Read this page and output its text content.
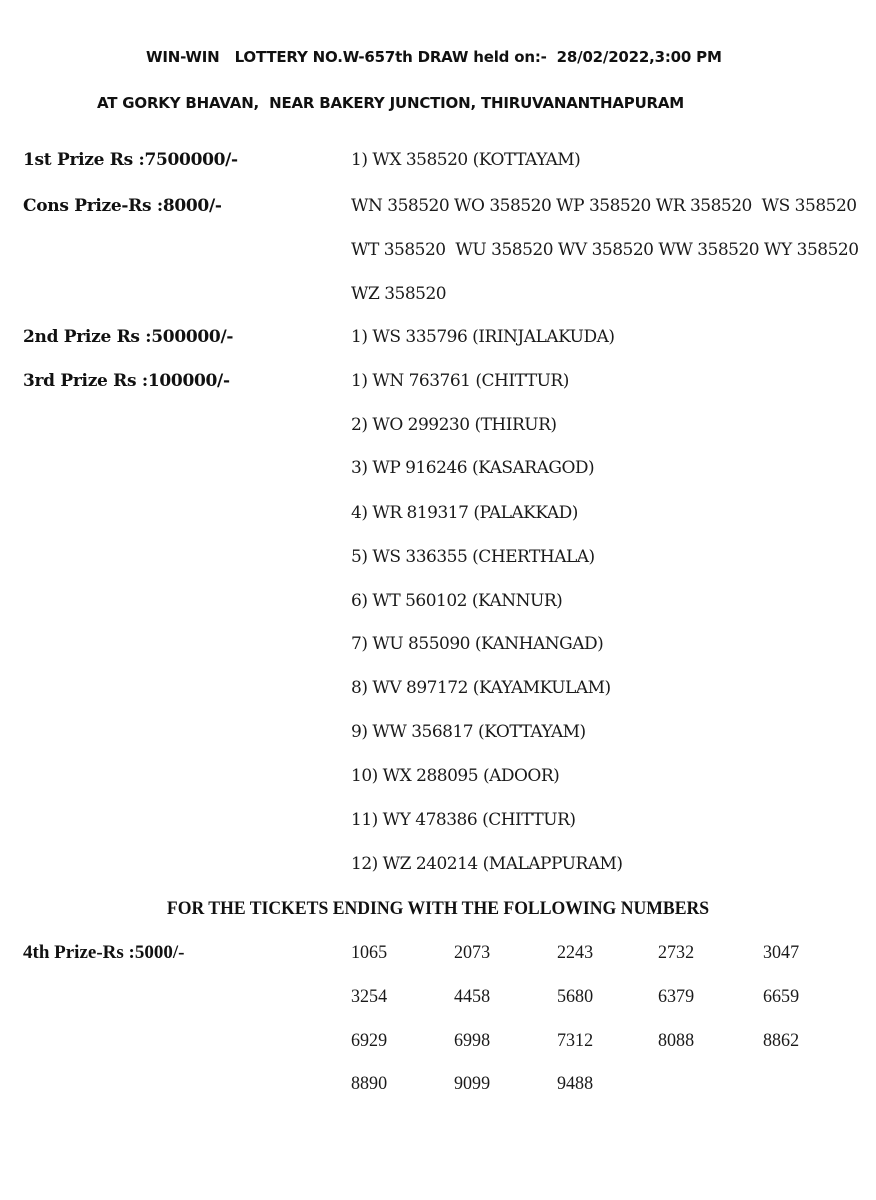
WIN-WIN   LOTTERY NO.W-657th DRAW held on:-  28/02/2022,3:00 PM
AT GORKY BHAVAN,  NEAR BAKERY JUNCTION, THIRUVANANTHAPURAM
1st Prize Rs :7500000/-	1) WX 358520 (KOTTAYAM)
Cons Prize-Rs :8000/-	WN 358520 WO 358520 WP 358520 WR 358520  WS 358520
WT 358520  WU 358520 WV 358520 WW 358520 WY 358520
WZ 358520
2nd Prize Rs :500000/-	1) WS 335796 (IRINJALAKUDA)
3rd Prize Rs :100000/-	1) WN 763761 (CHITTUR)
2) WO 299230 (THIRUR)
3) WP 916246 (KASARAGOD)
4) WR 819317 (PALAKKAD)
5) WS 336355 (CHERTHALA)
6) WT 560102 (KANNUR)
7) WU 855090 (KANHANGAD)
8) WV 897172 (KAYAMKULAM)
9) WW 356817 (KOTTAYAM)
10) WX 288095 (ADOOR)
11) WY 478386 (CHITTUR)
12) WZ 240214 (MALAPPURAM)
FOR THE TICKETS ENDING WITH THE FOLLOWING NUMBERS
4th Prize-Rs :5000/-	1065	2073	2243	2732	3047
3254	4458	5680	6379	6659
6929	6998	7312	8088	8862
8890	9099	9488
